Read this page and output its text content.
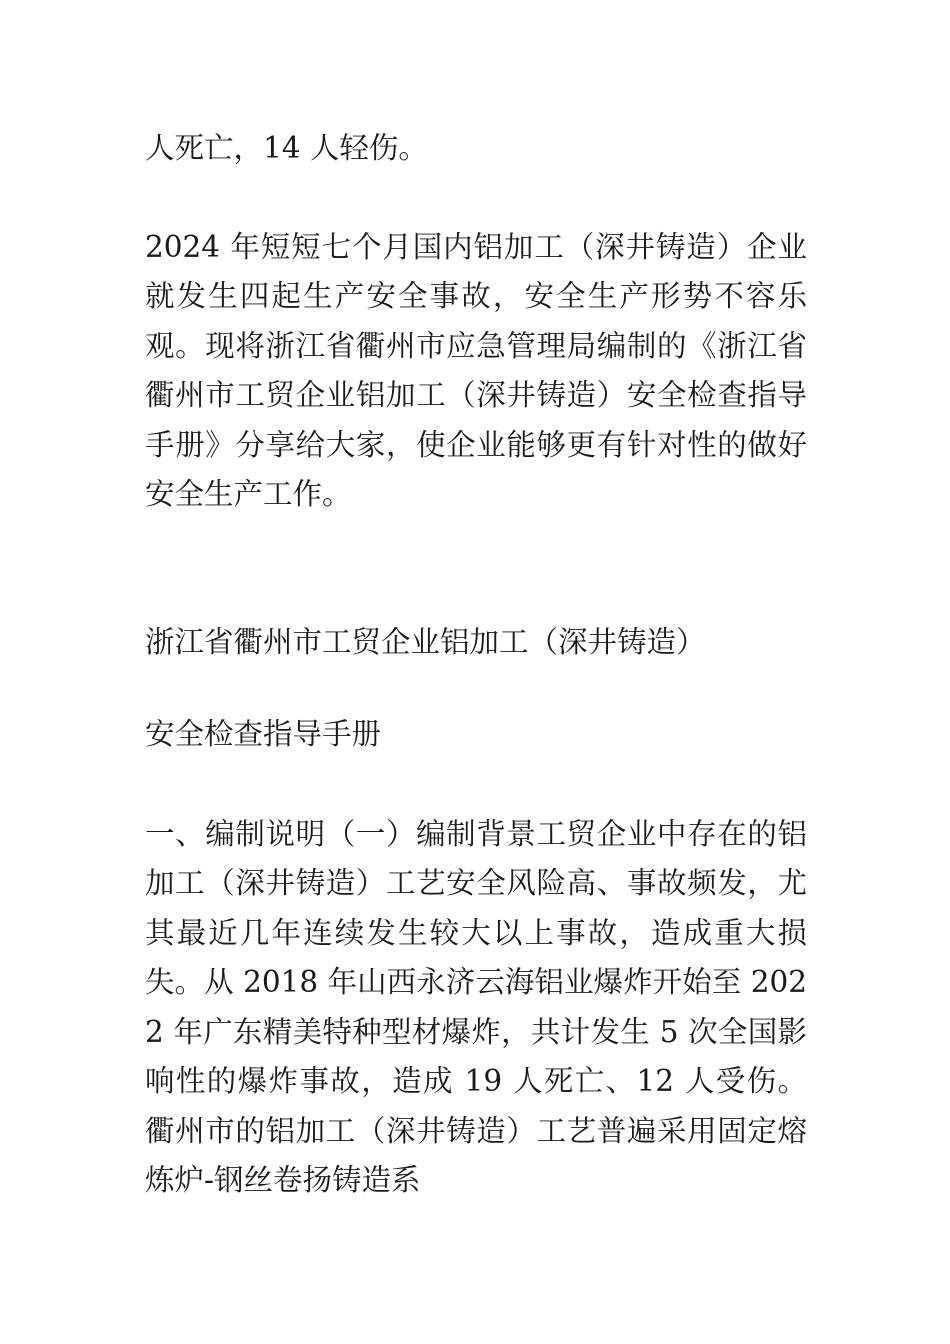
人死亡，14 人轻伤。

2024 年短短七个月国内铝加工（深井铸造）企业就发生四起生产安全事故，安全生产形势不容乐观。现将浙江省衢州市应急管理局编制的《浙江省衢州市工贸企业铝加工（深井铸造）安全检查指导手册》分享给大家，使企业能够更有针对性的做好安全生产工作。

浙江省衢州市工贸企业铝加工（深井铸造）

安全检查指导手册

一、编制说明（一）编制背景工贸企业中存在的铝加工（深井铸造）工艺安全风险高、事故频发，尤其最近几年连续发生较大以上事故，造成重大损失。从 2018 年山西永济云海铝业爆炸开始至 2022 年广东精美特种型材爆炸，共计发生 5 次全国影响性的爆炸事故，造成 19 人死亡、12 人受伤。衢州市的铝加工（深井铸造）工艺普遍采用固定熔炼炉-钢丝卷扬铸造系
